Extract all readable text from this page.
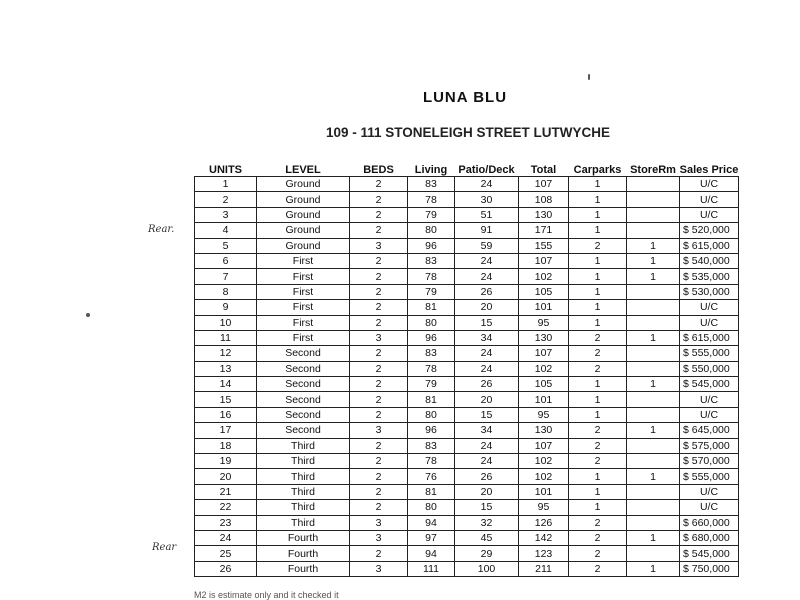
LUNA BLU
109 - 111 STONELEIGH STREET LUTWYCHE
UNITS	LEVEL	BEDS	Living	Patio/Deck	Total	Carparks	StoreRm	Sales Price
1	Ground	2	83	24	107	1		U/C
2	Ground	2	78	30	108	1		U/C
3	Ground	2	79	51	130	1		U/C
4	Ground	2	80	91	171	1		$ 520,000
5	Ground	3	96	59	155	2	1	$ 615,000
6	First	2	83	24	107	1	1	$ 540,000
7	First	2	78	24	102	1	1	$ 535,000
8	First	2	79	26	105	1		$ 530,000
9	First	2	81	20	101	1		U/C
10	First	2	80	15	95	1		U/C
11	First	3	96	34	130	2	1	$ 615,000
12	Second	2	83	24	107	2		$ 555,000
13	Second	2	78	24	102	2		$ 550,000
14	Second	2	79	26	105	1	1	$ 545,000
15	Second	2	81	20	101	1		U/C
16	Second	2	80	15	95	1		U/C
17	Second	3	96	34	130	2	1	$ 645,000
18	Third	2	83	24	107	2		$ 575,000
19	Third	2	78	24	102	2		$ 570,000
20	Third	2	76	26	102	1	1	$ 555,000
21	Third	2	81	20	101	1		U/C
22	Third	2	80	15	95	1		U/C
23	Third	3	94	32	126	2		$ 660,000
24	Fourth	3	97	45	142	2	1	$ 680,000
25	Fourth	2	94	29	123	2		$ 545,000
26	Fourth	3	111	100	211	2	1	$ 750,000
Rear.
Rear
M2 is estimate only and it checked it
